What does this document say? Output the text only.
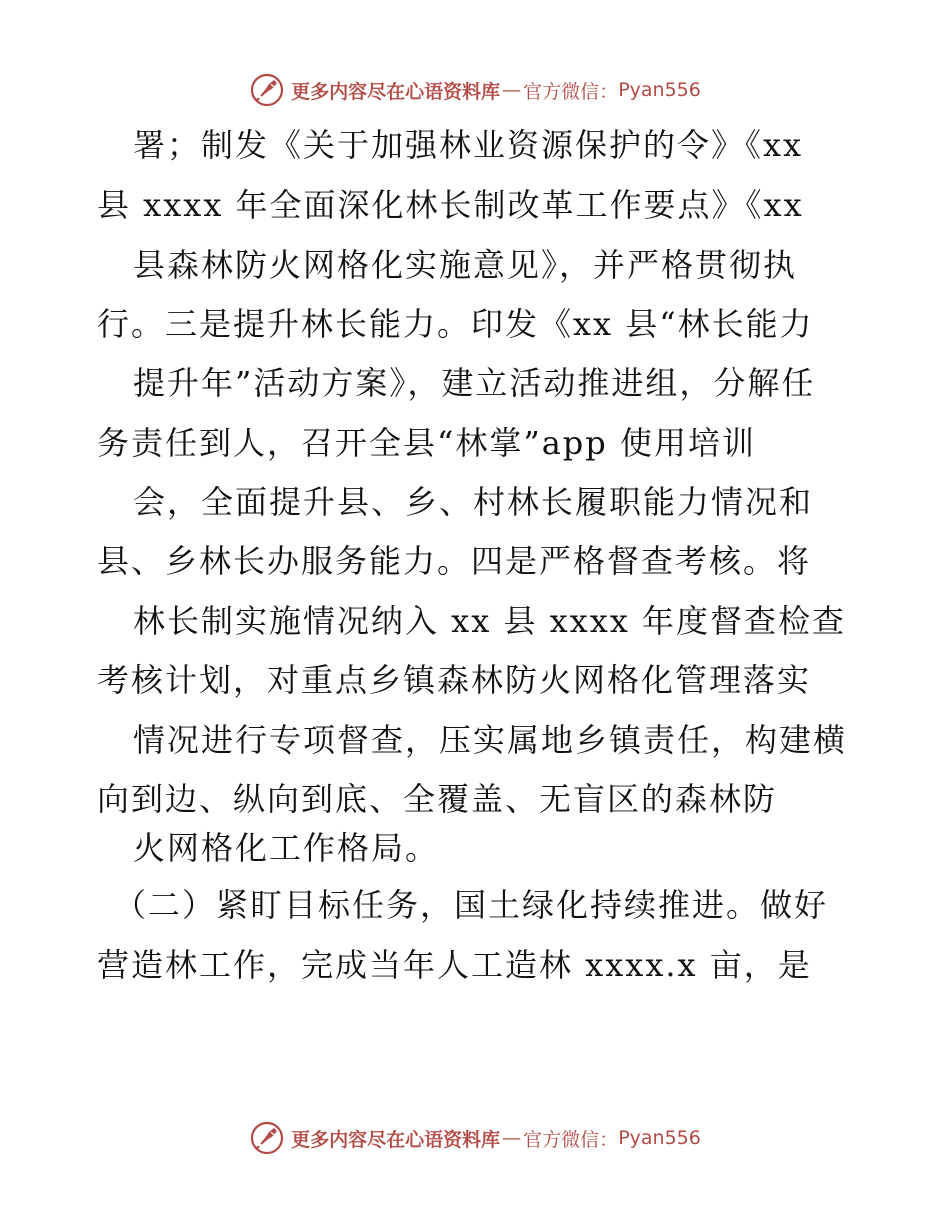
更多内容尽在心语资料库 — 官方微信： Pyan556
署；制发《关于加强林业资源保护的令》《xx
县 xxxx 年全面深化林长制改革工作要点》《xx
县森林防火网格化实施意见》，并严格贯彻执
行。三是提升林长能力。印发《xx 县“林长能力
提升年”活动方案》，建立活动推进组，分解任
务责任到人，召开全县“林掌”app 使用培训
会，全面提升县、乡、村林长履职能力情况和
县、乡林长办服务能力。四是严格督查考核。将
林长制实施情况纳入 xx 县 xxxx 年度督查检查
考核计划，对重点乡镇森林防火网格化管理落实
情况进行专项督查，压实属地乡镇责任，构建横
向到边、纵向到底、全覆盖、无盲区的森林防
火网格化工作格局。
（二）紧盯目标任务，国土绿化持续推进。做好
营造林工作，完成当年人工造林 xxxx.x 亩，是
更多内容尽在心语资料库 — 官方微信： Pyan556
